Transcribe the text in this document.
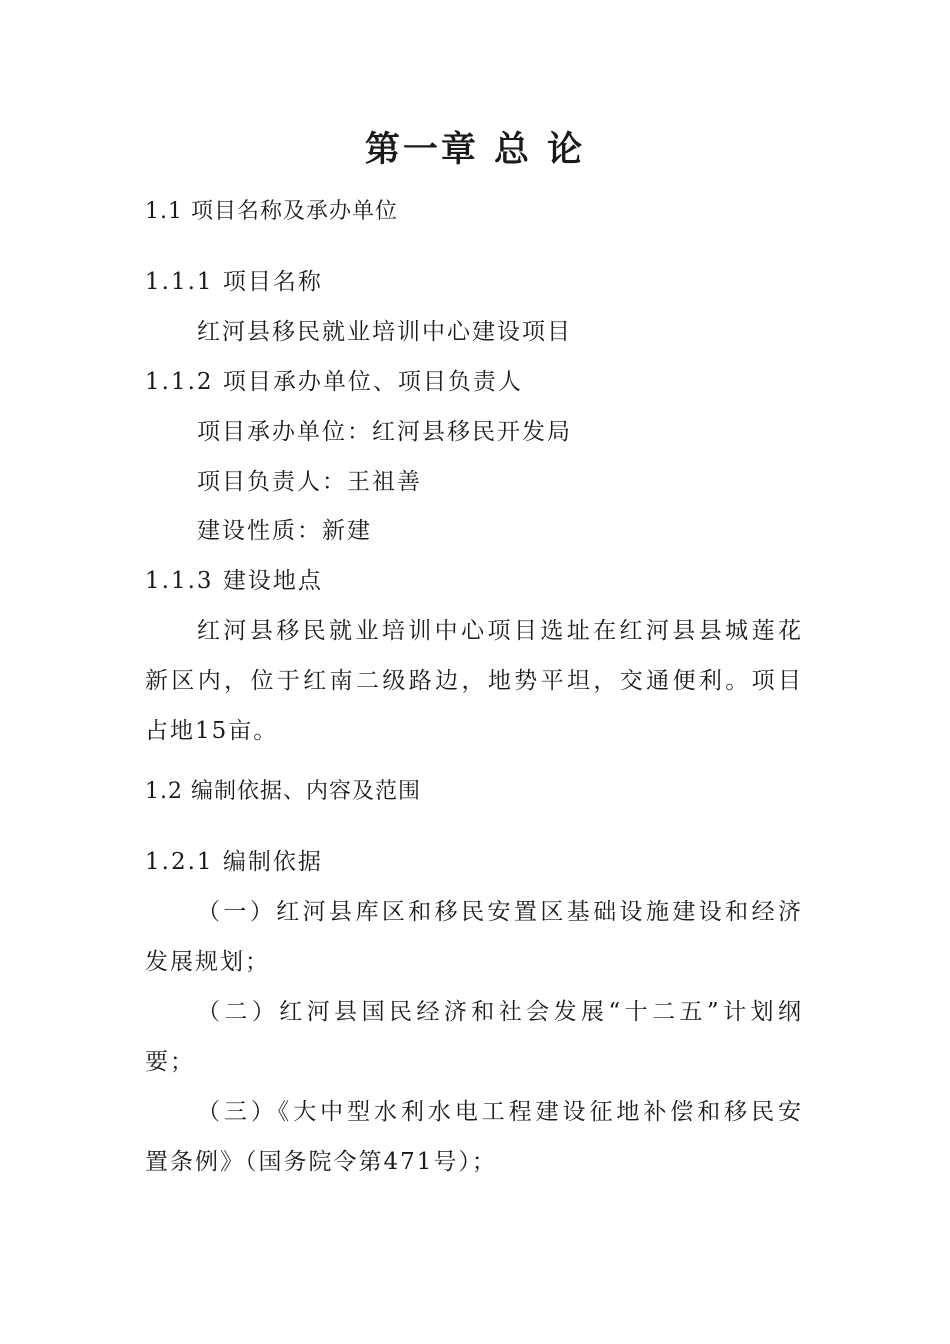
第一章 总 论
1.1 项目名称及承办单位
1.1.1 项目名称
红河县移民就业培训中心建设项目
1.1.2 项目承办单位、项目负责人
项目承办单位：红河县移民开发局
项目负责人：王祖善
建设性质：新建
1.1.3 建设地点
红河县移民就业培训中心项目选址在红河县县城莲花
新区内，位于红南二级路边，地势平坦，交通便利。项目
占地15亩。
1.2 编制依据、内容及范围
1.2.1 编制依据
（一）红河县库区和移民安置区基础设施建设和经济
发展规划；
（二）红河县国民经济和社会发展“十二五”计划纲
要；
（三）《大中型水利水电工程建设征地补偿和移民安
置条例》（国务院令第471号）；
